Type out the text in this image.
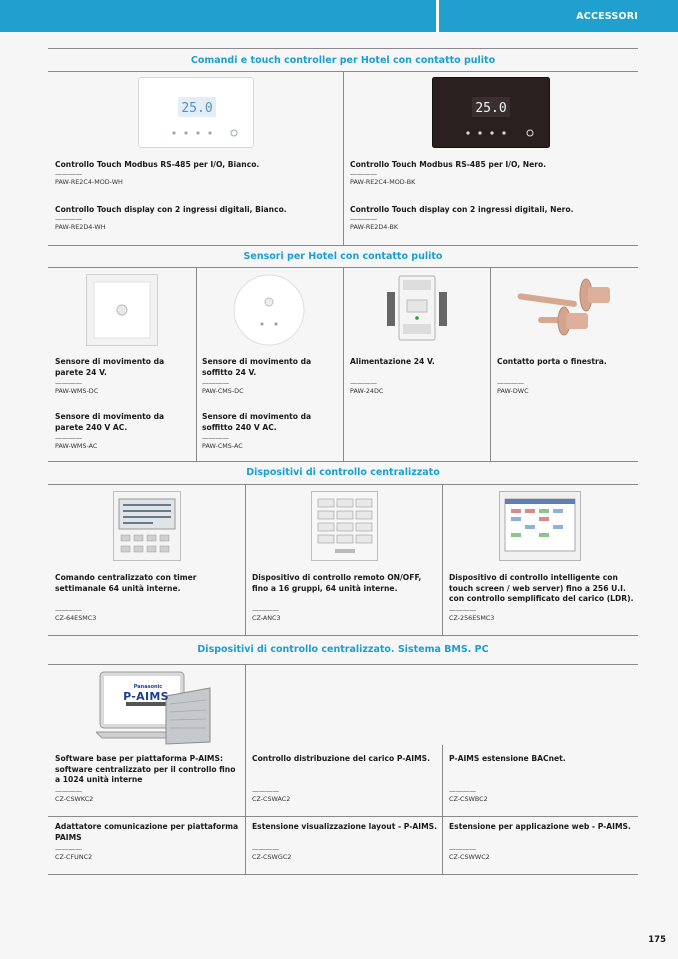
ACCESSORI
Comandi e touch controller per Hotel con contatto pulito
25.0	25.0
Controllo Touch Modbus RS-485 per I/O, Bianco.
————
PAW-RE2C4-MOD-WH
Controllo Touch display con 2 ingressi digitali, Bianco.
————
PAW-RE2D4-WH
Controllo Touch Modbus RS-485 per I/O, Nero.
————
PAW-RE2C4-MOD-BK
Controllo Touch display con 2 ingressi digitali, Nero.
————
PAW-RE2D4-BK
Sensori per Hotel con contatto pulito
Sensore di movimento da parete 24 V.
————
PAW-WMS-DC
Sensore di movimento da parete 240 V AC.
————
PAW-WMS-AC
Sensore di movimento da soffitto 24 V.
————
PAW-CMS-DC
Sensore di movimento da soffitto 240 V AC.
————
PAW-CMS-AC
Alimentazione 24 V.
————
PAW-24DC
Contatto porta o finestra.
————
PAW-DWC
Dispositivi di controllo centralizzato
Comando centralizzato con timer settimanale 64 unità interne.
————
CZ-64ESMC3
Dispositivo di controllo remoto ON/OFF, fino a 16 gruppi, 64 unità interne.
————
CZ-ANC3
Dispositivo di controllo intelligente con touch screen / web server) fino a 256 U.I. con controllo semplificato del carico (LDR).
————
CZ-256ESMC3
Dispositivi di controllo centralizzato. Sistema BMS. PC
Panasonic
P-AIMS
Software base per piattaforma P-AIMS: software centralizzato per il controllo fino a 1024 unità interne
————
CZ-CSWKC2
Controllo distribuzione del carico P-AIMS.
————
CZ-CSWAC2
P-AIMS estensione BACnet.
————
CZ-CSWBC2
Adattatore comunicazione per piattaforma PAIMS
————
CZ-CFUNC2
Estensione visualizzazione layout - P-AIMS.
————
CZ-CSWGC2
Estensione per applicazione web - P-AIMS.
————
CZ-CSWWC2
175
